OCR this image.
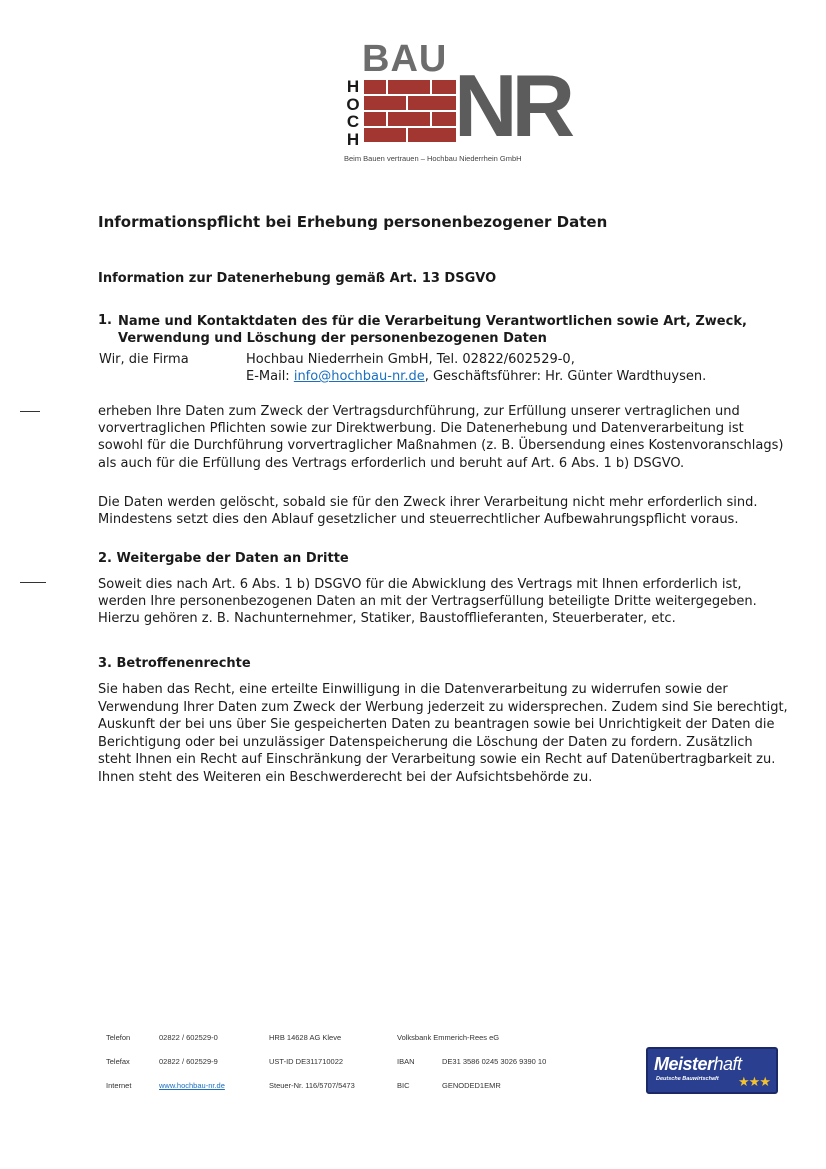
BAU
H
O
C
H NR
Beim Bauen vertrauen – Hochbau Niederrhein GmbH
Informationspflicht bei Erhebung personenbezogener Daten
Information zur Datenerhebung gemäß Art. 13 DSGVO
1. Name und Kontaktdaten des für die Verarbeitung Verantwortlichen sowie Art, Zweck, Verwendung und Löschung der personenbezogenen Daten
Wir, die Firma	Hochbau Niederrhein GmbH, Tel. 02822/602529-0,
E-Mail: info@hochbau-nr.de, Geschäftsführer: Hr. Günter Wardthuysen.

erheben Ihre Daten zum Zweck der Vertragsdurchführung, zur Erfüllung unserer vertraglichen und vorvertraglichen Pflichten sowie zur Direktwerbung. Die Datenerhebung und Datenverarbeitung ist sowohl für die Durchführung vorvertraglicher Maßnahmen (z. B. Übersendung eines Kostenvoranschlags) als auch für die Erfüllung des Vertrags erforderlich und beruht auf Art. 6 Abs. 1 b) DSGVO.

Die Daten werden gelöscht, sobald sie für den Zweck ihrer Verarbeitung nicht mehr erforderlich sind. Mindestens setzt dies den Ablauf gesetzlicher und steuerrechtlicher Aufbewahrungspflicht voraus.

2. Weitergabe der Daten an Dritte

Soweit dies nach Art. 6 Abs. 1 b) DSGVO für die Abwicklung des Vertrags mit Ihnen erforderlich ist, werden Ihre personenbezogenen Daten an mit der Vertragserfüllung beteiligte Dritte weitergegeben. Hierzu gehören z. B. Nachunternehmer, Statiker, Baustofflieferanten, Steuerberater, etc.

3. Betroffenenrechte

Sie haben das Recht, eine erteilte Einwilligung in die Datenverarbeitung zu widerrufen sowie der Verwendung Ihrer Daten zum Zweck der Werbung jederzeit zu widersprechen. Zudem sind Sie berechtigt, Auskunft der bei uns über Sie gespeicherten Daten zu beantragen sowie bei Unrichtigkeit der Daten die Berichtigung oder bei unzulässiger Datenspeicherung die Löschung der Daten zu fordern. Zusätzlich steht Ihnen ein Recht auf Einschränkung der Verarbeitung sowie ein Recht auf Datenübertragbarkeit zu. Ihnen steht des Weiteren ein Beschwerderecht bei der Aufsichtsbehörde zu.

Telefon	02822 / 602529-0	HRB 14628 AG Kleve	Volksbank Emmerich-Rees eG
Telefax	02822 / 602529-9	UST-ID DE311710022	IBAN	DE31 3586 0245 3026 9390 10
Internet	www.hochbau-nr.de	Steuer-Nr. 116/5707/5473	BIC	GENODED1EMR
Meisterhaft
Deutsche Bauwirtschaft ★★★
